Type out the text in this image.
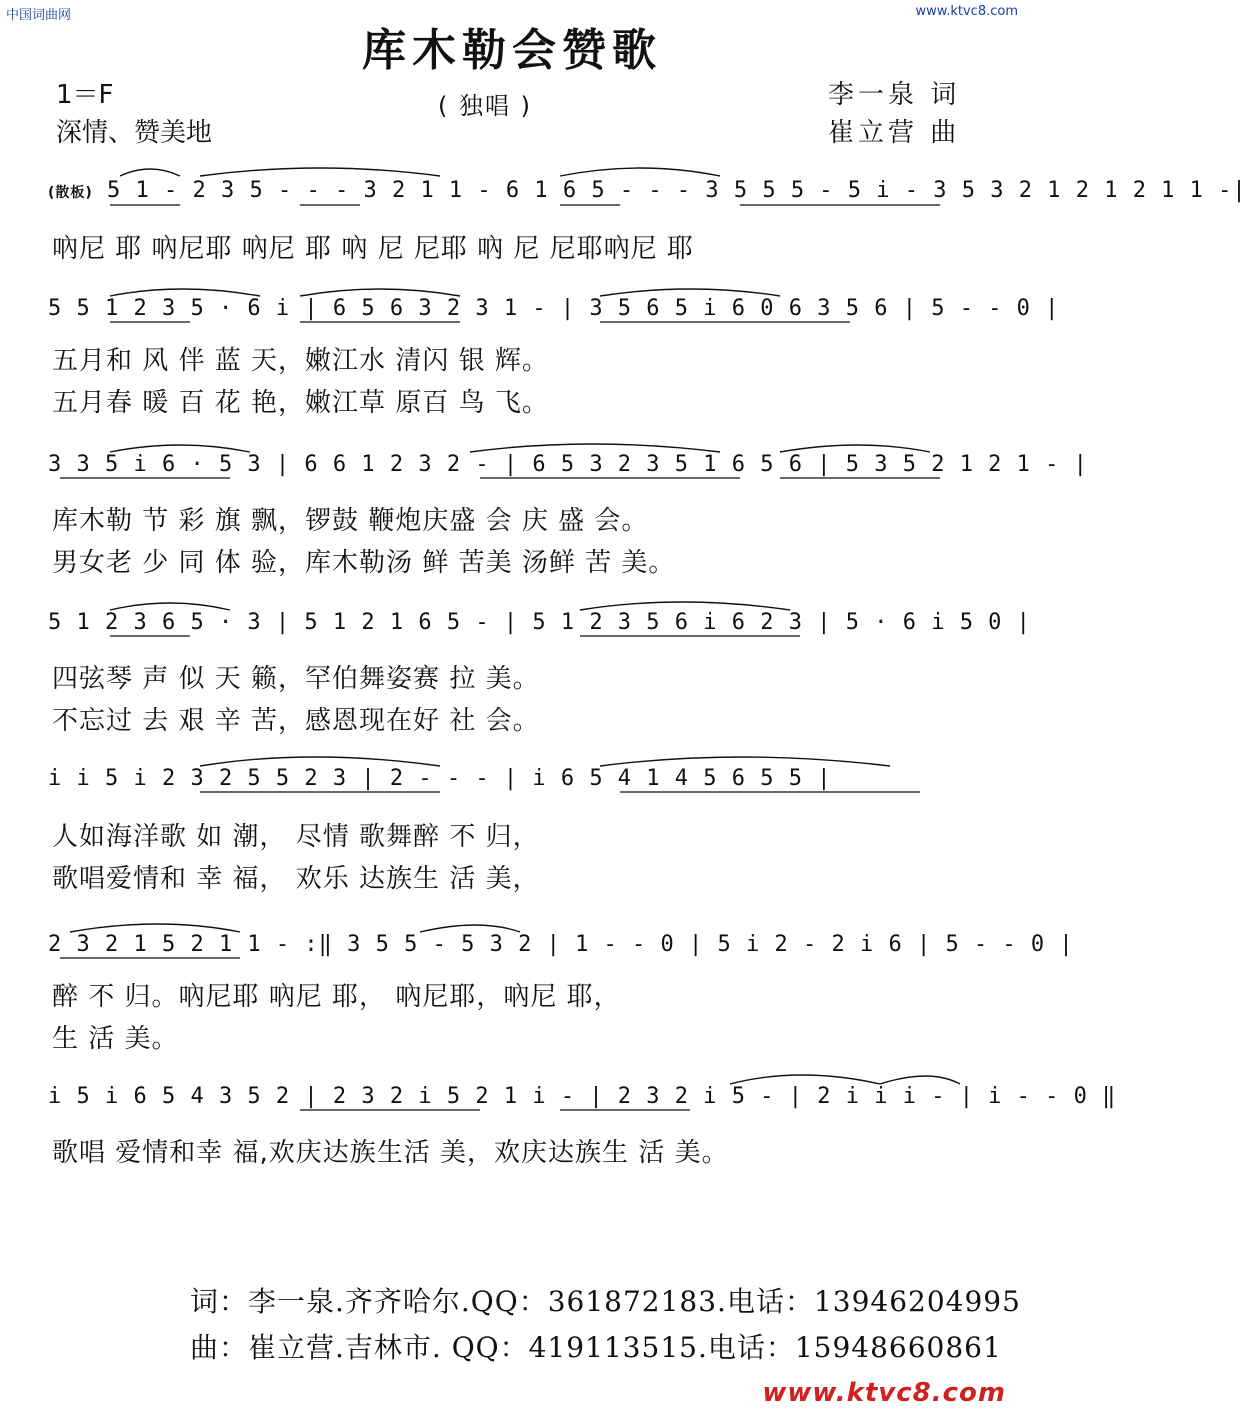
中国词曲网	www.ktvc8.com
库木勒会赞歌
1＝F
深情、赞美地
( 独唱 )	李一泉 词
崔立营 曲
(散板) 5 1 - 2 3 5 - - - 3 2 1 1 - 6 1 6 5 - - - 3 5 5 5 - 5 i - 3 5 3 2 1 2 1 2 1 1 -|
吶尼 耶 吶尼耶 吶尼 耶 吶 尼 尼耶 吶 尼 尼耶吶尼 耶
5 5 1 2 3 5 · 6 i | 6 5 6 3 2 3 1 - | 3 5 6 5 i 6 0 6 3 5 6 | 5 - - 0 |
五月和 风 伴 蓝 天，嫩江水 清闪 银 辉。
五月春 暖 百 花 艳，嫩江草 原百 鸟 飞。
3 3 5 i 6 · 5 3 | 6 6 1 2 3 2 - | 6 5 3 2 3 5 1 6 5 6 | 5 3 5 2 1 2 1 - |
库木勒 节 彩 旗 飘，锣鼓 鞭炮庆盛 会 庆 盛 会。
男女老 少 同 体 验，库木勒汤 鲜 苦美 汤鲜 苦 美。
5 1 2 3 6 5 · 3 | 5 1 2 1 6 5 - | 5 1 2 3 5 6 i 6 2 3 | 5 · 6 i 5 0 |
四弦琴 声 似 天 籁，罕伯舞姿赛 拉 美。
不忘过 去 艰 辛 苦，感恩现在好 社 会。
i i 5 i 2 3 2 5 5 2 3 | 2 - - - | i 6 5 4 1 4 5 6 5 5 |
人如海洋歌 如 潮， 尽情 歌舞醉 不 归，
歌唱爱情和 幸 福， 欢乐 达族生 活 美，
2 3 2 1 5 2 1 1 - :‖ 3 5 5 - 5 3 2 | 1 - - 0 | 5 i 2 - 2 i 6 | 5 - - 0 |
醉 不 归。吶尼耶 吶尼 耶， 吶尼耶，吶尼 耶，
生 活 美。
i 5 i 6 5 4 3 5 2 | 2 3 2 i 5 2 1 i - | 2 3 2 i 5 - | 2 i i i - | i - - 0 ‖
歌唱 爱情和幸 福,欢庆达族生活 美，欢庆达族生 活 美。
词：李一泉.齐齐哈尔.QQ：361872183.电话：13946204995
曲：崔立营.吉林市. QQ：419113515.电话：15948660861
www.ktvc8.com
